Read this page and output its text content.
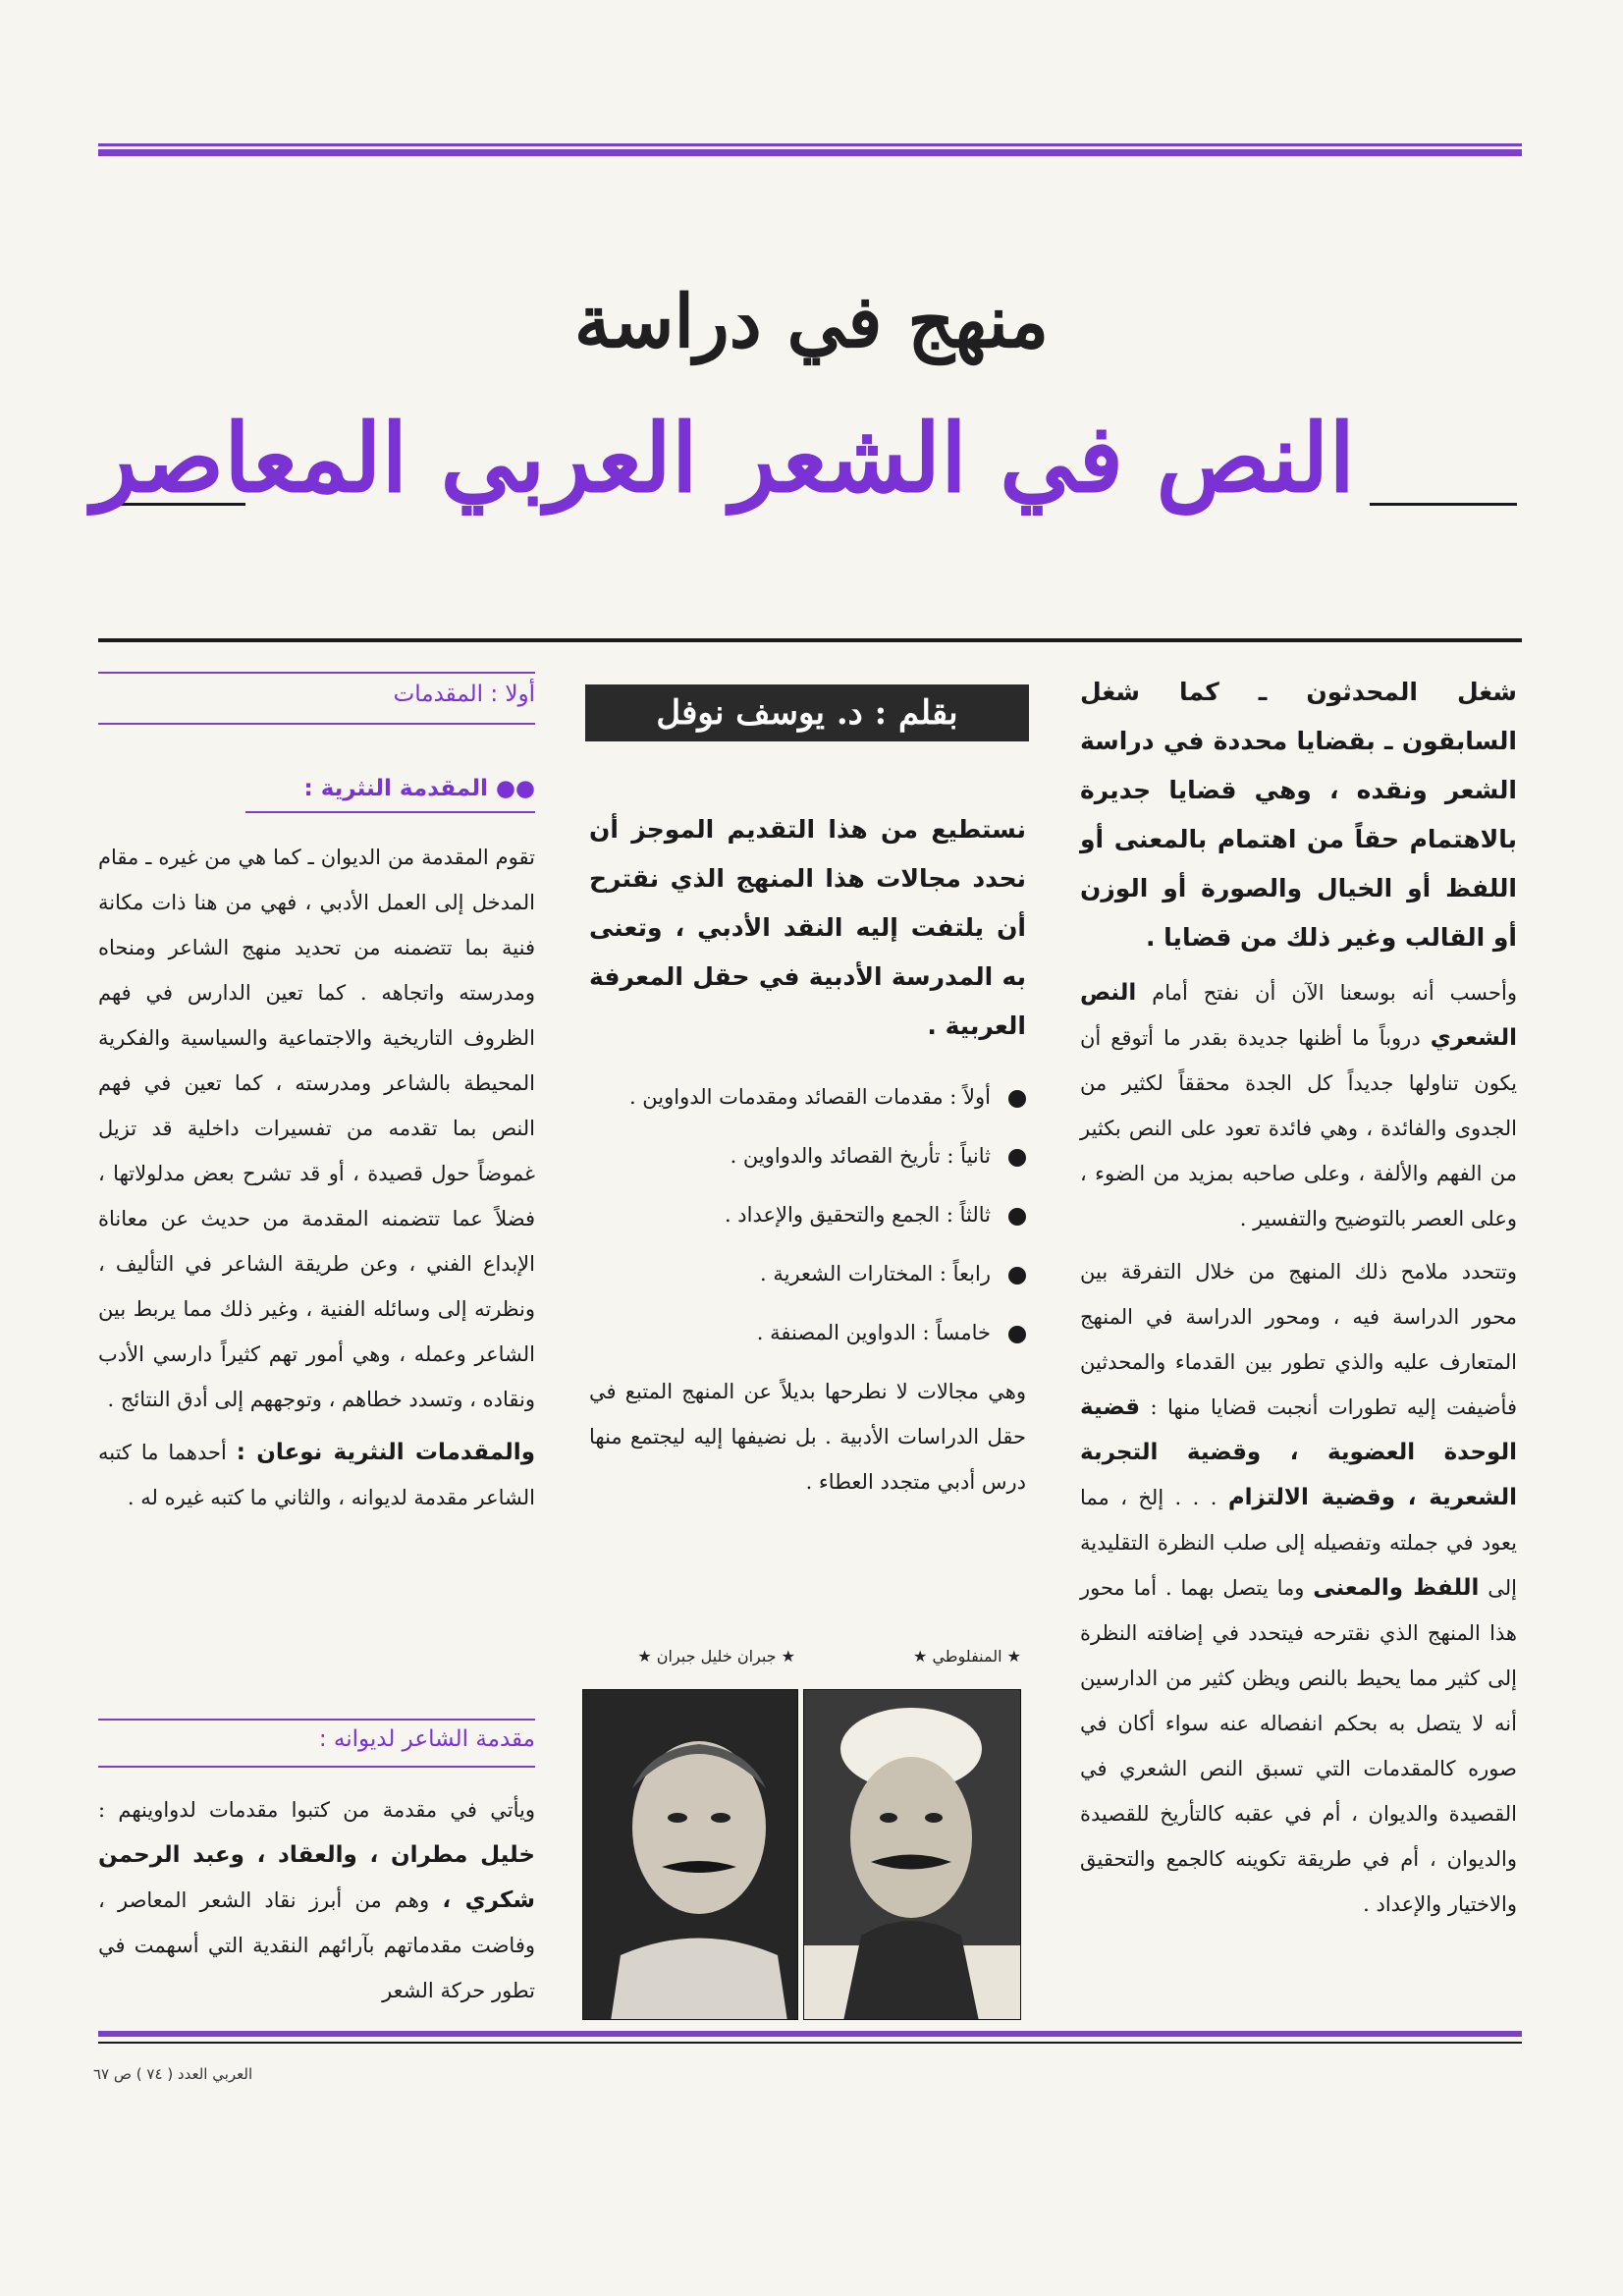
منهج في دراسة
النص في الشعر العربي المعاصر

شغل المحدثون ـ كما شغل السابقون ـ بقضايا محددة في دراسة الشعر ونقده ، وهي قضايا جديرة بالاهتمام حقاً من اهتمام بالمعنى أو اللفظ أو الخيال والصورة أو الوزن أو القالب وغير ذلك من قضايا .

وأحسب أنه بوسعنا الآن أن نفتح أمام النص الشعري دروباً ما أظنها جديدة بقدر ما أتوقع أن يكون تناولها جديداً كل الجدة محققاً لكثير من الجدوى والفائدة ، وهي فائدة تعود على النص بكثير من الفهم والألفة ، وعلى صاحبه بمزيد من الضوء ، وعلى العصر بالتوضيح والتفسير .

وتتحدد ملامح ذلك المنهج من خلال التفرقة بين محور الدراسة فيه ، ومحور الدراسة في المنهج المتعارف عليه والذي تطور بين القدماء والمحدثين فأضيفت إليه تطورات أنجبت قضايا منها : قضية الوحدة العضوية ، وقضية التجربة الشعرية ، وقضية الالتزام . . . إلخ ، مما يعود في جملته وتفصيله إلى صلب النظرة التقليدية إلى اللفظ والمعنى وما يتصل بهما . أما محور هذا المنهج الذي نقترحه فيتحدد في إضافته النظرة إلى كثير مما يحيط بالنص ويظن كثير من الدارسين أنه لا يتصل به بحكم انفصاله عنه سواء أكان في صوره كالمقدمات التي تسبق النص الشعري في القصيدة والديوان ، أم في عقبه كالتأريخ للقصيدة والديوان ، أم في طريقة تكوينه كالجمع والتحقيق والاختيار والإعداد .

بقلم : د. يوسف نوفل

نستطيع من هذا التقديم الموجز أن نحدد مجالات هذا المنهج الذي نقترح أن يلتفت إليه النقد الأدبي ، وتعنى به المدرسة الأدبية في حقل المعرفة العربية .

أولاً : مقدمات القصائد ومقدمات الدواوين .
ثانياً : تأريخ القصائد والدواوين .
ثالثاً : الجمع والتحقيق والإعداد .
رابعاً : المختارات الشعرية .
خامساً : الدواوين المصنفة .

وهي مجالات لا نطرحها بديلاً عن المنهج المتبع في حقل الدراسات الأدبية . بل نضيفها إليه ليجتمع منها درس أدبي متجدد العطاء .

★ المنفلوطي ★
★ جبران خليل جبران ★
أولا : المقدمات
●● المقدمة النثرية :

تقوم المقدمة من الديوان ـ كما هي من غيره ـ مقام المدخل إلى العمل الأدبي ، فهي من هنا ذات مكانة فنية بما تتضمنه من تحديد منهج الشاعر ومنحاه ومدرسته واتجاهه . كما تعين الدارس في فهم الظروف التاريخية والاجتماعية والسياسية والفكرية المحيطة بالشاعر ومدرسته ، كما تعين في فهم النص بما تقدمه من تفسيرات داخلية قد تزيل غموضاً حول قصيدة ، أو قد تشرح بعض مدلولاتها ، فضلاً عما تتضمنه المقدمة من حديث عن معاناة الإبداع الفني ، وعن طريقة الشاعر في التأليف ، ونظرته إلى وسائله الفنية ، وغير ذلك مما يربط بين الشاعر وعمله ، وهي أمور تهم كثيراً دارسي الأدب ونقاده ، وتسدد خطاهم ، وتوجههم إلى أدق النتائج .

والمقدمات النثرية نوعان : أحدهما ما كتبه الشاعر مقدمة لديوانه ، والثاني ما كتبه غيره له .

مقدمة الشاعر لديوانه :

ويأتي في مقدمة من كتبوا مقدمات لدواوينهم : خليل مطران ، والعقاد ، وعبد الرحمن شكري ، وهم من أبرز نقاد الشعر المعاصر ، وفاضت مقدماتهم بآرائهم النقدية التي أسهمت في تطور حركة الشعر

العربي العدد ( ٧٤ ) ص ٦٧
